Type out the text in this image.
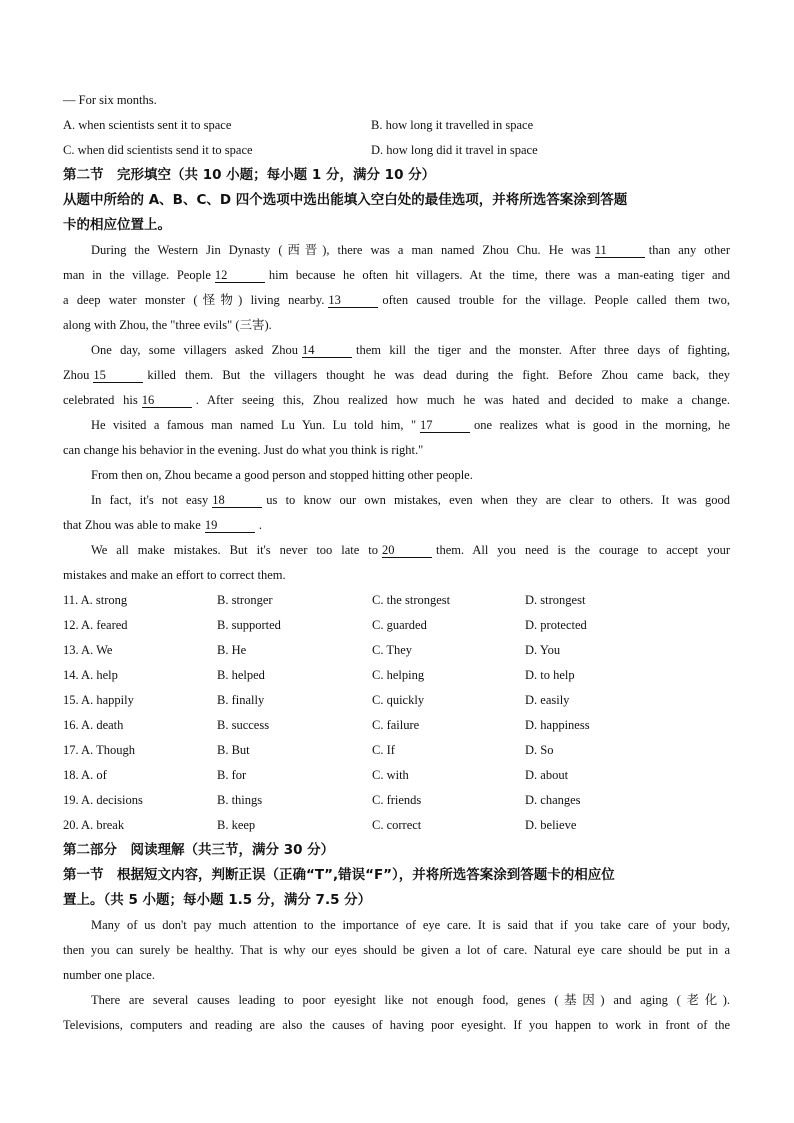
— For six months.
A. when scientists sent it to space	B. how long it travelled in space
C. when did scientists send it to space	D. how long did it travel in space
第二节　完形填空（共 10 小题；每小题 1 分，满分 10 分）
从题中所给的 A、B、C、D 四个选项中选出能填入空白处的最佳选项，并将所选答案涂到答题
卡的相应位置上。
During the Western Jin Dynasty (西晋), there was a man named Zhou Chu. He was 11	than any other
man in the village. People 12	him because he often hit villagers. At the time, there was a man-eating tiger and
a deep water monster (怪物) living nearby. 13	often caused trouble for the village. People called them two,
along with Zhou, the "three evils" (三害).
One day, some villagers asked Zhou 14	them kill the tiger and the monster. After three days of fighting,
Zhou 15	killed them. But the villagers thought he was dead during the fight. Before Zhou came back, they
celebrated his 16	. After seeing this, Zhou realized how much he was hated and decided to make a change.
He visited a famous man named Lu Yun. Lu told him, " 17	one realizes what is good in the morning, he
can change his behavior in the evening. Just do what you think is right."
From then on, Zhou became a good person and stopped hitting other people.
In fact, it's not easy 18	us to know our own mistakes, even when they are clear to others. It was good
that Zhou was able to make 19	.
We all make mistakes. But it's never too late to 20	them. All you need is the courage to accept your
mistakes and make an effort to correct them.
11. A. strong	B. stronger	C. the strongest	D. strongest
12. A. feared	B. supported	C. guarded	D. protected
13. A. We	B. He	C. They	D. You
14. A. help	B. helped	C. helping	D. to help
15. A. happily	B. finally	C. quickly	D. easily
16. A. death	B. success	C. failure	D. happiness
17. A. Though	B. But	C. If	D. So
18. A. of	B. for	C. with	D. about
19. A. decisions	B. things	C. friends	D. changes
20. A. break	B. keep	C. correct	D. believe
第二部分　阅读理解（共三节，满分 30 分）
第一节　根据短文内容，判断正误（正确“T”,错误“F”），并将所选答案涂到答题卡的相应位
置上。（共 5 小题；每小题 1.5 分，满分 7.5 分）
Many of us don't pay much attention to the importance of eye care. It is said that if you take care of your body,
then you can surely be healthy. That is why our eyes should be given a lot of care. Natural eye care should be put in a
number one place.
There are several causes leading to poor eyesight like not enough food, genes (基因) and aging (老化).
Televisions, computers and reading are also the causes of having poor eyesight. If you happen to work in front of the
